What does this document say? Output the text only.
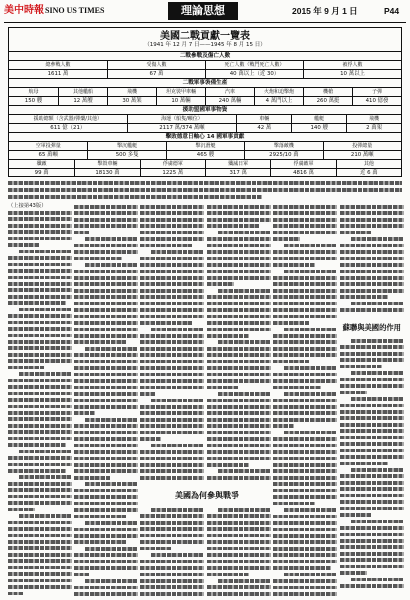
美中時報 SINO US TIMES	理論思想	2015 年 9 月 1 日	P44
美國二戰貢獻一覽表
（1941 年 12 月 7 日——1945 年 8 月 15 日）
二戰參戰及傷亡人數
總參戰人數	受傷人數	死亡人數（戰鬥死亡人數）	被俘人數
1611 萬	67 萬	40 萬以上（近 30）	10 萬以上
二戰軍事裝備生產
航母	其他艦船	飛機	坦克裝甲車輛	汽車	火炮和迫擊炮	機槍	子彈
150 艘	12 萬艘	30 萬架	10 萬輛	240 萬輛	4 萬門以上	260 萬挺	410 億發
援助盟國軍事物資
援助總額（含武器/彈藥/其他）	海運（船隻/噸位）	車輛	艦艇	飛機
611 億（21）	2117 萬/374 萬噸	42 萬	140 艘	2 萬架
擊敗德意日軸心 14 國軍事貢獻
空軍投彈量	擊沉艦艇	擊沉潛艇	擊落敵機	投彈總量
65 萬噸	500 多隻	465 艘	2925/10 萬	210 萬噸
殲敵	擊毀車輛	俘虜德軍	殲滅日軍	俘虜敵軍	其他
99 萬	18130 萬	1225 萬	317 萬	4816 萬	近 6 萬
（上接第43版）
美國為何參與戰爭
蘇聯與美國的作用
